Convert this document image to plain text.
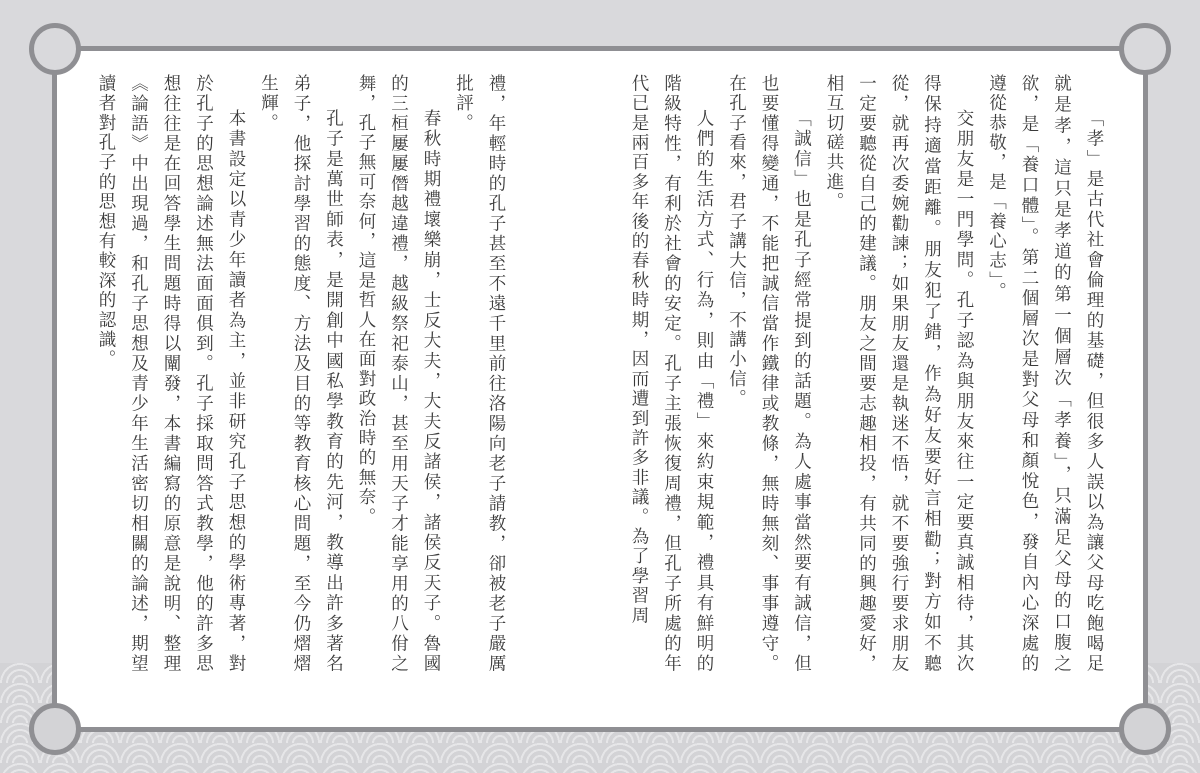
「孝」是古代社會倫理的基礎，但很多人誤以為讓父母吃飽喝足就是孝，這只是孝道的第一個層次「孝養」，只滿足父母的口腹之欲，是「養口體」。第二個層次是對父母和顏悅色，發自內心深處的遵從恭敬，是「養心志」。

交朋友是一門學問。孔子認為與朋友來往一定要真誠相待，其次得保持適當距離。朋友犯了錯，作為好友要好言相勸；對方如不聽從，就再次委婉勸諫；如果朋友還是執迷不悟，就不要強行要求朋友一定要聽從自己的建議。朋友之間要志趣相投，有共同的興趣愛好，相互切磋共進。

「誠信」也是孔子經常提到的話題。為人處事當然要有誠信，但也要懂得變通，不能把誠信當作鐵律或教條，無時無刻、事事遵守。在孔子看來，君子講大信，不講小信。

人們的生活方式、行為，則由「禮」來約束規範，禮具有鮮明的階級特性，有利於社會的安定。孔子主張恢復周禮，但孔子所處的年代已是兩百多年後的春秋時期，因而遭到許多非議。為了學習周

禮，年輕時的孔子甚至不遠千里前往洛陽向老子請教，卻被老子嚴厲批評。

春秋時期禮壞樂崩，士反大夫，大夫反諸侯，諸侯反天子。魯國的三桓屢屢僭越違禮，越級祭祀泰山，甚至用天子才能享用的八佾之舞，孔子無可奈何，這是哲人在面對政治時的無奈。

孔子是萬世師表，是開創中國私學教育的先河，教導出許多著名弟子，他探討學習的態度、方法及目的等教育核心問題，至今仍熠熠生輝。

本書設定以青少年讀者為主，並非研究孔子思想的學術專著，對於孔子的思想論述無法面面俱到。孔子採取問答式教學，他的許多思想往往是在回答學生問題時得以闡發，本書編寫的原意是說明、整理《論語》中出現過，和孔子思想及青少年生活密切相關的論述，期望讀者對孔子的思想有較深的認識。
